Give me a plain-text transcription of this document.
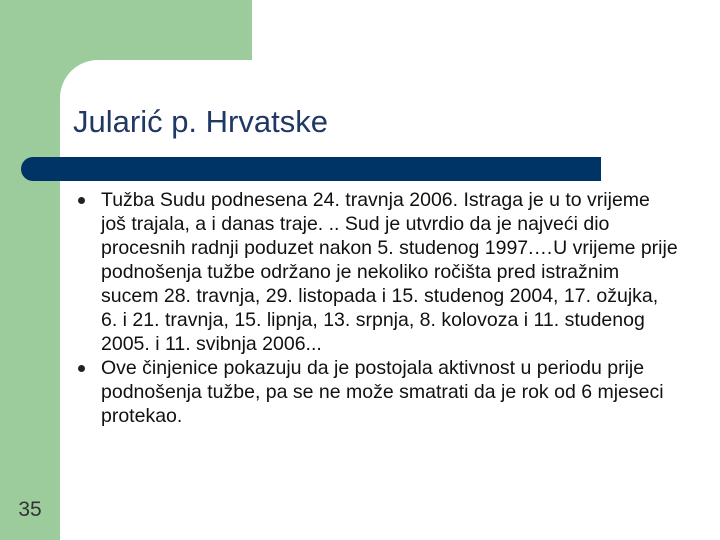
Jularić p. Hrvatske
Tužba Sudu podnesena 24. travnja 2006. Istraga je u to vrijeme još trajala, a i danas traje. .. Sud je utvrdio da je najveći dio procesnih radnji poduzet nakon 5. studenog 1997.…U vrijeme prije podnošenja tužbe održano je nekoliko ročišta pred istražnim sucem 28. travnja, 29. listopada i 15. studenog 2004, 17. ožujka, 6. i 21. travnja, 15. lipnja, 13. srpnja, 8. kolovoza i 11. studenog 2005. i 11. svibnja 2006...
Ove činjenice pokazuju da je postojala aktivnost u periodu prije podnošenja tužbe, pa se ne može smatrati da je rok od 6 mjeseci protekao.
35
